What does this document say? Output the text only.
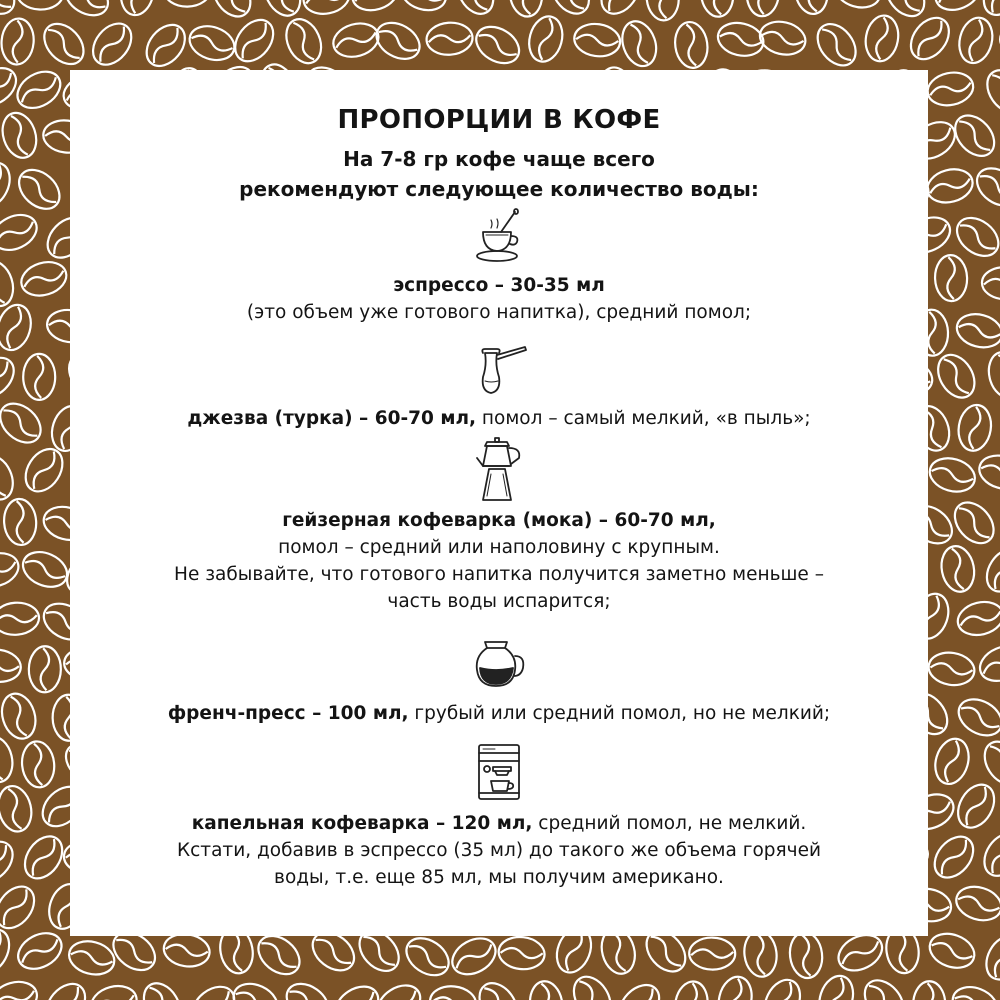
ПРОПОРЦИИ В КОФЕ
На 7-8 гр кофе чаще всего
рекомендуют следующее количество воды:
эспрессо – 30-35 мл
(это объем уже готового напитка), средний помол;
джезва (турка) – 60-70 мл, помол – самый мелкий, «в пыль»;
гейзерная кофеварка (мока) – 60-70 мл,
помол – средний или наполовину с крупным.
Не забывайте, что готового напитка получится заметно меньше –
часть воды испарится;
френч-пресс – 100 мл, грубый или средний помол, но не мелкий;
капельная кофеварка – 120 мл, средний помол, не мелкий.
Кстати, добавив в эспрессо (35 мл) до такого же объема горячей
воды, т.е. еще 85 мл, мы получим американо.
